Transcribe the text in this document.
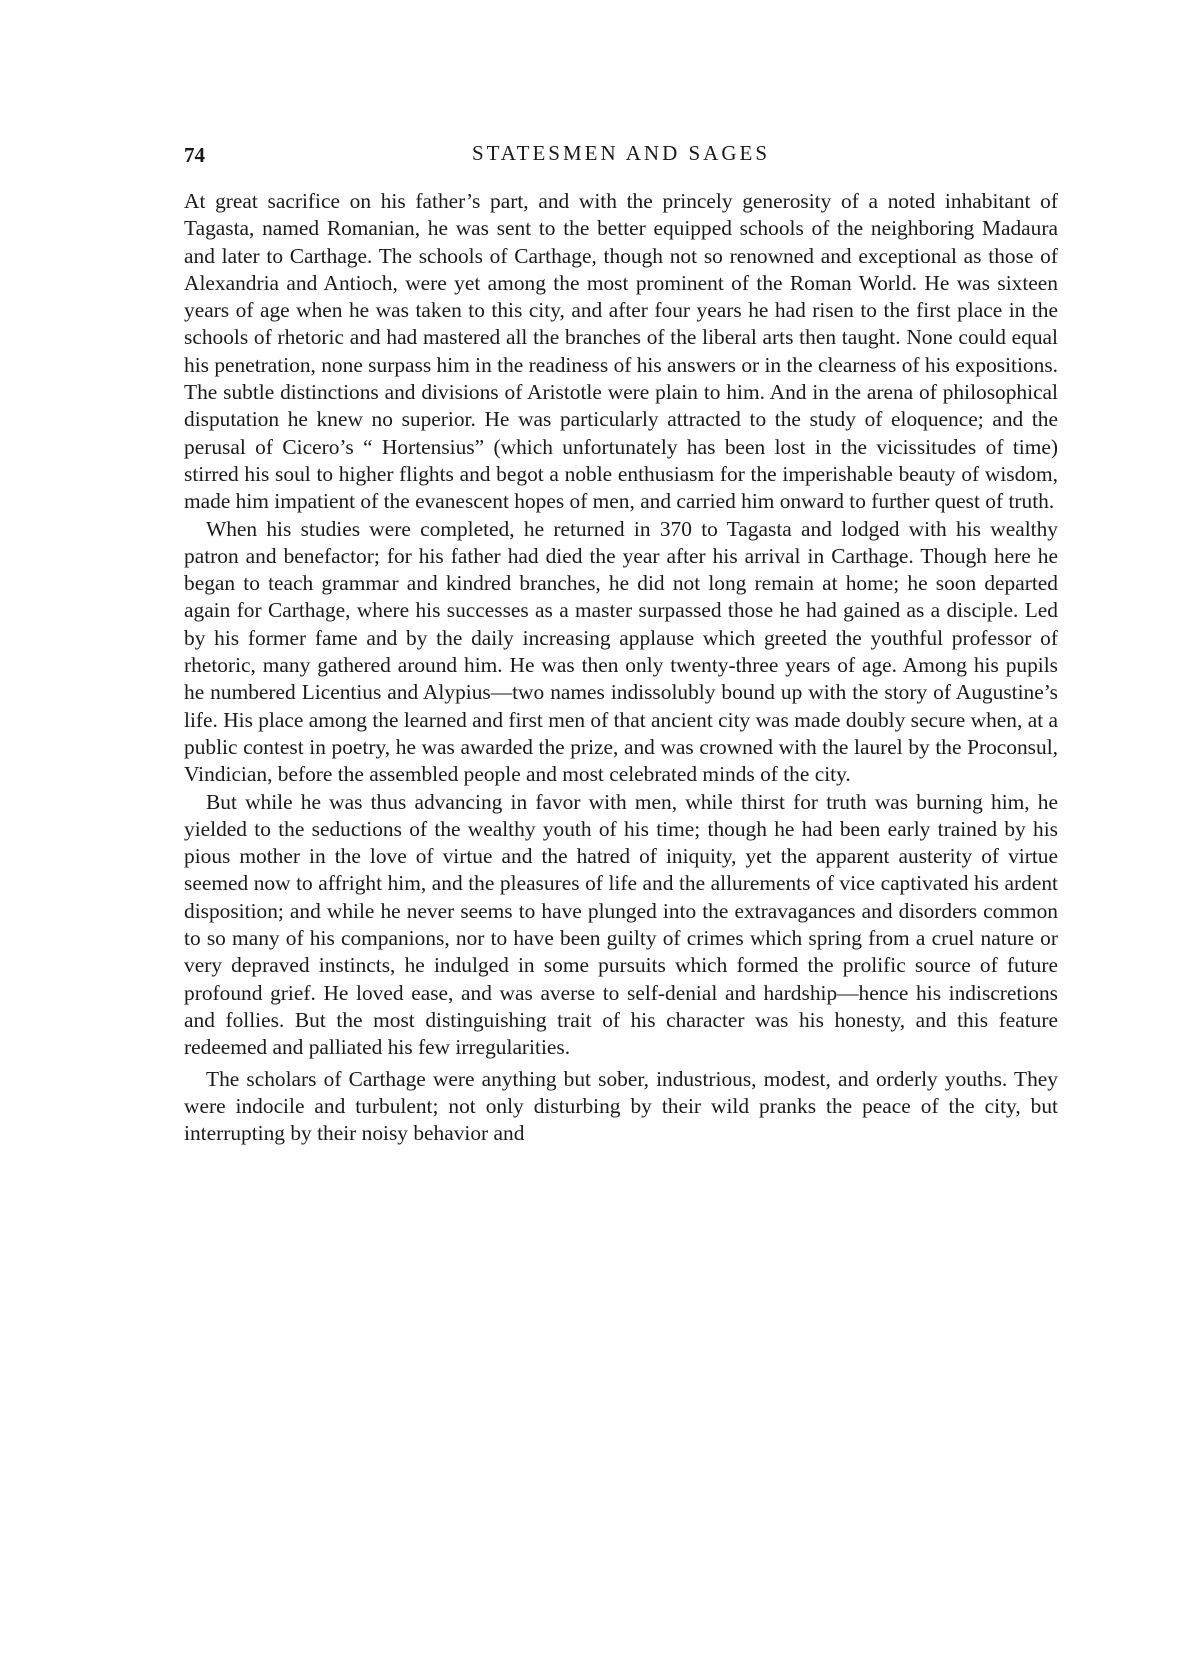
74	STATESMEN AND SAGES

At great sacrifice on his father’s part, and with the princely generosity of a noted inhabitant of Tagasta, named Romanian, he was sent to the better equipped schools of the neighboring Madaura and later to Carthage. The schools of Carthage, though not so renowned and exceptional as those of Alexandria and Antioch, were yet among the most prominent of the Roman World. He was sixteen years of age when he was taken to this city, and after four years he had risen to the first place in the schools of rhetoric and had mastered all the branches of the liberal arts then taught. None could equal his penetration, none surpass him in the readiness of his answers or in the clearness of his expositions. The subtle distinctions and divisions of Aristotle were plain to him. And in the arena of philosophical disputation he knew no superior. He was particularly attracted to the study of eloquence; and the perusal of Cicero’s “ Hortensius” (which unfortunately has been lost in the vicissitudes of time) stirred his soul to higher flights and begot a noble enthusiasm for the imperishable beauty of wisdom, made him impatient of the evanescent hopes of men, and carried him onward to further quest of truth.

When his studies were completed, he returned in 370 to Tagasta and lodged with his wealthy patron and benefactor; for his father had died the year after his arrival in Carthage. Though here he began to teach grammar and kindred branches, he did not long remain at home; he soon departed again for Carthage, where his successes as a master surpassed those he had gained as a disciple. Led by his former fame and by the daily increasing applause which greeted the youthful professor of rhetoric, many gathered around him. He was then only twenty-three years of age. Among his pupils he numbered Licentius and Alypius—two names indissolubly bound up with the story of Augustine’s life. His place among the learned and first men of that ancient city was made doubly secure when, at a public contest in poetry, he was awarded the prize, and was crowned with the laurel by the Proconsul, Vindician, before the assembled people and most celebrated minds of the city.

But while he was thus advancing in favor with men, while thirst for truth was burning him, he yielded to the seductions of the wealthy youth of his time; though he had been early trained by his pious mother in the love of virtue and the hatred of iniquity, yet the apparent austerity of virtue seemed now to affright him, and the pleasures of life and the allurements of vice captivated his ardent disposition; and while he never seems to have plunged into the extravagances and disorders common to so many of his companions, nor to have been guilty of crimes which spring from a cruel nature or very depraved instincts, he indulged in some pursuits which formed the prolific source of future profound grief. He loved ease, and was averse to self-denial and hardship—hence his indiscretions and follies. But the most distinguishing trait of his character was his honesty, and this feature redeemed and palliated his few irregularities.

The scholars of Carthage were anything but sober, industrious, modest, and orderly youths. They were indocile and turbulent; not only disturbing by their wild pranks the peace of the city, but interrupting by their noisy behavior and
